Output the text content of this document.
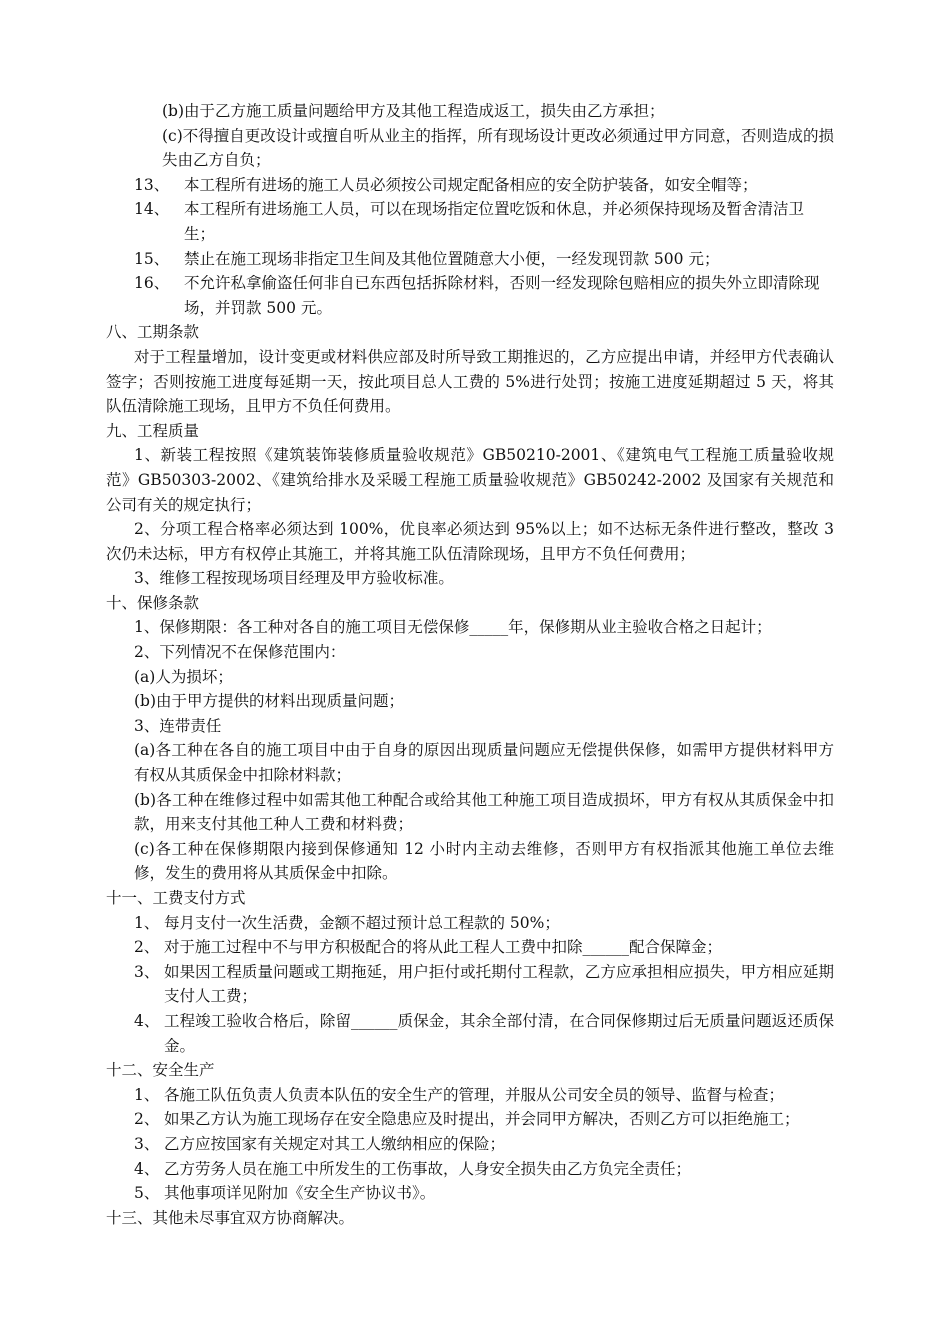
(b)由于乙方施工质量问题给甲方及其他工程造成返工，损失由乙方承担；
(c)不得擅自更改设计或擅自听从业主的指挥，所有现场设计更改必须通过甲方同意，否则造成的损失由乙方自负；
13、 本工程所有进场的施工人员必须按公司规定配备相应的安全防护装备，如安全帽等；
14、 本工程所有进场施工人员，可以在现场指定位置吃饭和休息，并必须保持现场及暂舍清洁卫生；
15、 禁止在施工现场非指定卫生间及其他位置随意大小便，一经发现罚款 500 元；
16、 不允许私拿偷盗任何非自已东西包括拆除材料，否则一经发现除包赔相应的损失外立即清除现场，并罚款 500 元。
八、工期条款
对于工程量增加，设计变更或材料供应部及时所导致工期推迟的，乙方应提出申请，并经甲方代表确认签字；否则按施工进度每延期一天，按此项目总人工费的 5%进行处罚；按施工进度延期超过 5 天，将其队伍清除施工现场，且甲方不负任何费用。
九、工程质量
1、新装工程按照《建筑装饰装修质量验收规范》GB50210-2001、《建筑电气工程施工质量验收规范》GB50303-2002、《建筑给排水及采暖工程施工质量验收规范》GB50242-2002 及国家有关规范和公司有关的规定执行；
2、分项工程合格率必须达到 100%，优良率必须达到 95%以上；如不达标无条件进行整改，整改 3 次仍未达标，甲方有权停止其施工，并将其施工队伍清除现场，且甲方不负任何费用；
3、维修工程按现场项目经理及甲方验收标准。
十、保修条款
1、保修期限：各工种对各自的施工项目无偿保修_____年，保修期从业主验收合格之日起计；
2、下列情况不在保修范围内：
(a)人为损坏；
(b)由于甲方提供的材料出现质量问题；
3、连带责任
(a)各工种在各自的施工项目中由于自身的原因出现质量问题应无偿提供保修，如需甲方提供材料甲方有权从其质保金中扣除材料款；
(b)各工种在维修过程中如需其他工种配合或给其他工种施工项目造成损坏，甲方有权从其质保金中扣款，用来支付其他工种人工费和材料费；
(c)各工种在保修期限内接到保修通知 12 小时内主动去维修，否则甲方有权指派其他施工单位去维修，发生的费用将从其质保金中扣除。
十一、工费支付方式
1、 每月支付一次生活费，金额不超过预计总工程款的 50%；
2、 对于施工过程中不与甲方积极配合的将从此工程人工费中扣除______配合保障金；
3、 如果因工程质量问题或工期拖延，用户拒付或托期付工程款，乙方应承担相应损失，甲方相应延期支付人工费；
4、 工程竣工验收合格后，除留______质保金，其余全部付清，在合同保修期过后无质量问题返还质保金。
十二、安全生产
1、 各施工队伍负责人负责本队伍的安全生产的管理，并服从公司安全员的领导、监督与检查；
2、 如果乙方认为施工现场存在安全隐患应及时提出，并会同甲方解决，否则乙方可以拒绝施工；
3、 乙方应按国家有关规定对其工人缴纳相应的保险；
4、 乙方劳务人员在施工中所发生的工伤事故，人身安全损失由乙方负完全责任；
5、 其他事项详见附加《安全生产协议书》。
十三、其他未尽事宜双方协商解决。
